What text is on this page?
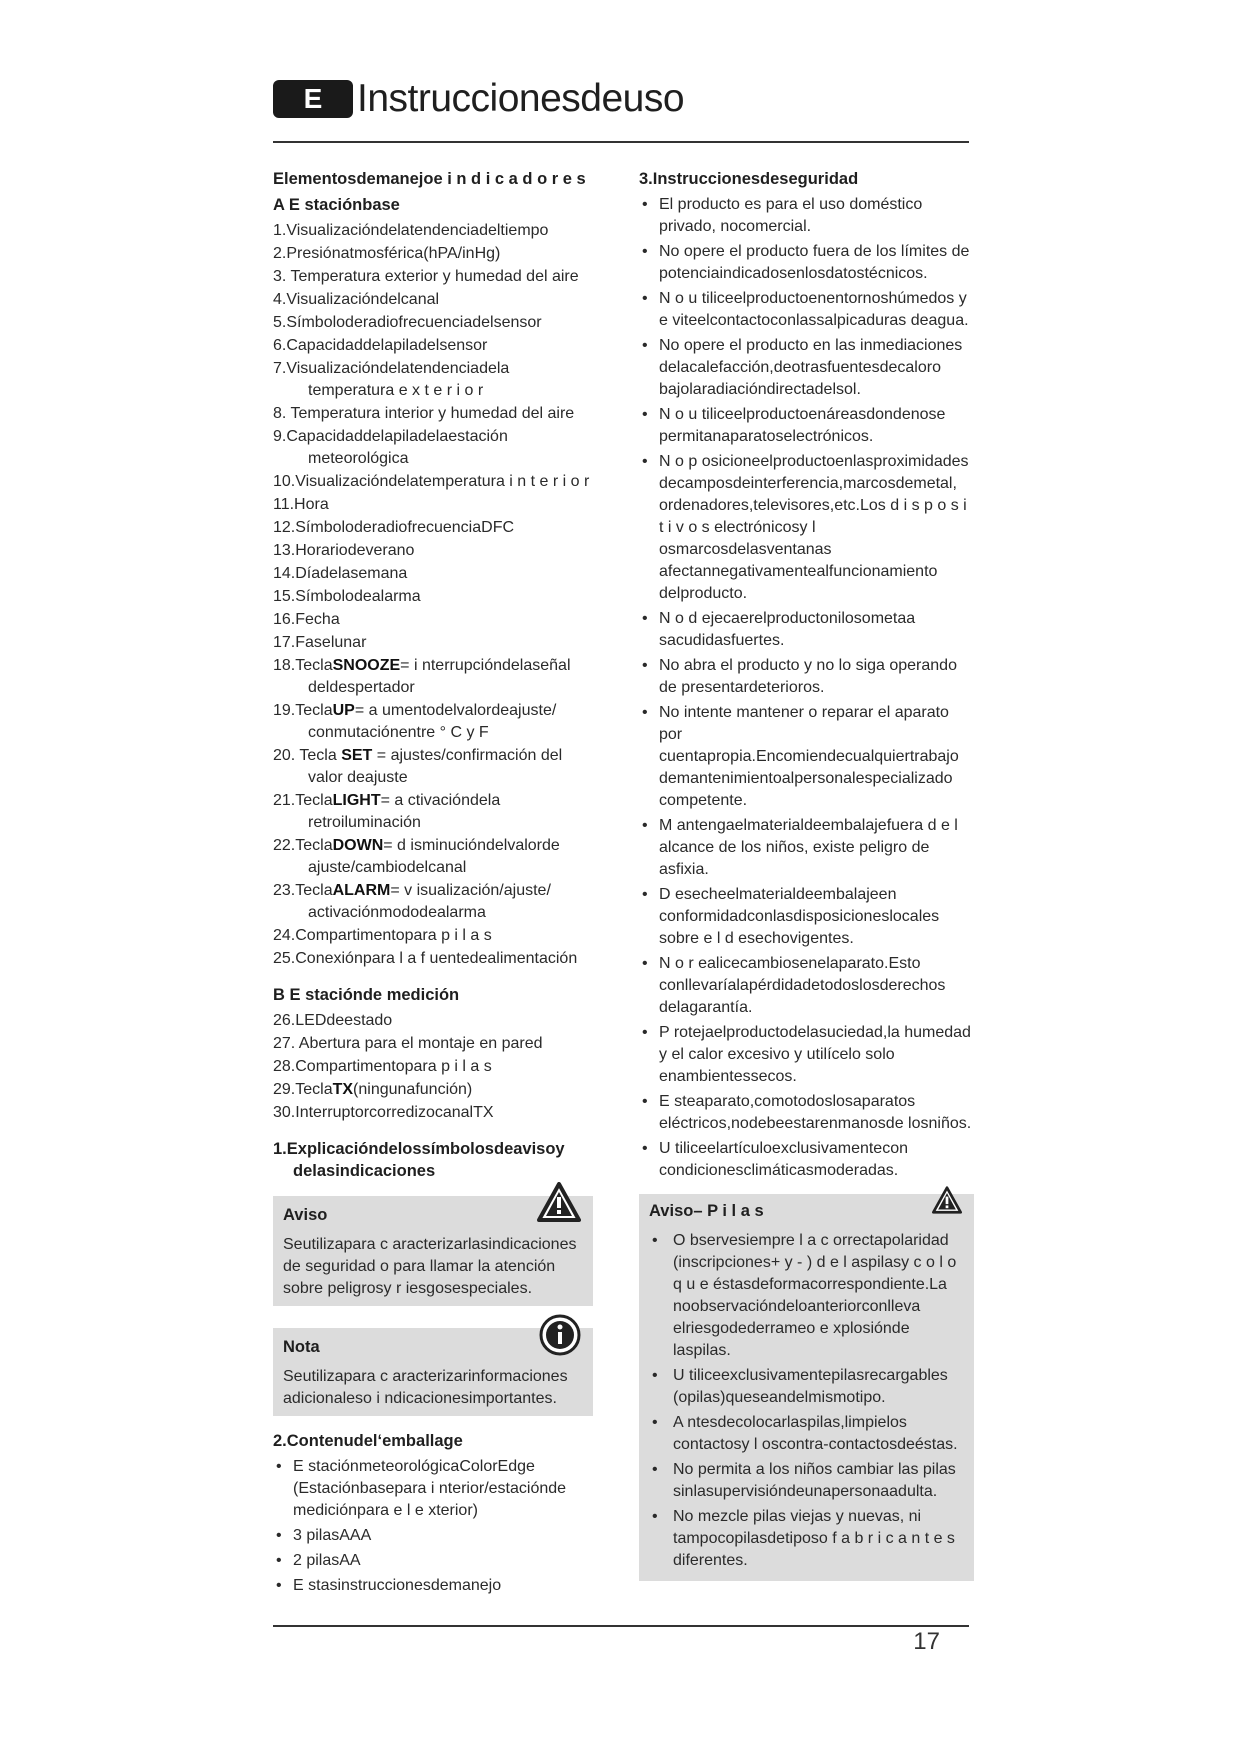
E Instruccionesdeuso
Elementosdemanejoe i n d i c a d o r e s
A E staciónbase
1.Visualizacióndelatendenciadeltiempo
2.Presiónatmosférica(hPA/inHg)
3. Temperatura exterior y humedad del aire
4.Visualizacióndelcanal
5.Símboloderadiofrecuenciadelsensor
6.Capacidaddelapiladelsensor
7.Visualizacióndelatendenciadela temperatura e x t e r i o r
8. Temperatura interior y humedad del aire
9.Capacidaddelapiladelaestación meteorológica
10.Visualizacióndelatemperatura i n t e r i o r
11.Hora
12.SímboloderadiofrecuenciaDFC
13.Horariodeverano
14.Díadelasemana
15.Símbolodealarma
16.Fecha
17.Faselunar
18.TeclaSNOOZE= i nterrupcióndelaseñal deldespertador
19.TeclaUP= a umentodelvalordeajuste/ conmutaciónentre ° C y F
20. Tecla SET = ajustes/confirmación del valor deajuste
21.TeclaLIGHT= a ctivacióndela retroiluminación
22.TeclaDOWN= d isminucióndelvalorde ajuste/cambiodelcanal
23.TeclaALARM= v isualización/ajuste/ activaciónmododealarma
24.Compartimentopara p i l a s
25.Conexiónpara l a f uentedealimentación
B E staciónde medición
26.LEDdeestado
27. Abertura para el montaje en pared
28.Compartimentopara p i l a s
29.TeclaTX(ningunafunción)
30.InterruptorcorredizocanalTX
1.Explicacióndelossímbolosdeavisoy delasindicaciones
Aviso

Seutilizapara c aracterizarlasindicaciones de seguridad o para llamar la atención sobre peligrosy r iesgosespeciales.

Nota

Seutilizapara c aracterizarinformaciones adicionaleso i ndicacionesimportantes.

2.Contenudel‘emballage
• E staciónmeteorológicaColorEdge (Estaciónbasepara i nterior/estaciónde mediciónpara e l e xterior)
• 3 pilasAAA
• 2 pilasAA
• E stasinstruccionesdemanejo
3.Instruccionesdeseguridad
• El producto es para el uso doméstico privado, nocomercial.
• No opere el producto fuera de los límites de potenciaindicadosenlosdatostécnicos.
• N o u tiliceelproductoenentornoshúmedos y e viteelcontactoconlassalpicaduras deagua.
• No opere el producto en las inmediaciones delacalefacción,deotrasfuentesdecaloro bajolaradiacióndirectadelsol.
• N o u tiliceelproductoenáreasdondenose permitanaparatoselectrónicos.
• N o p osicioneelproductoenlasproximidades decamposdeinterferencia,marcosdemetal, ordenadores,televisores,etc.Los d i s p o s i t i v o s electrónicosy l osmarcosdelasventanas afectannegativamentealfuncionamiento delproducto.
• N o d ejecaerelproductonilosometaa sacudidasfuertes.
• No abra el producto y no lo siga operando de presentardeterioros.
• No intente mantener o reparar el aparato por cuentapropia.Encomiendecualquiertrabajo demantenimientoalpersonalespecializado competente.
• M antengaelmaterialdeembalajefuera d e l alcance de los niños, existe peligro de asfixia.
• D esecheelmaterialdeembalajeen conformidadconlasdisposicioneslocales sobre e l d esechovigentes.
• N o r ealicecambiosenelaparato.Esto conllevaríalapérdidadetodoslosderechos delagarantía.
• P rotejaelproductodelasuciedad,la humedad y el calor excesivo y utilícelo solo enambientessecos.
• E steaparato,comotodoslosaparatos eléctricos,nodebeestarenmanosde losniños.
• U tiliceelartículoexclusivamentecon condicionesclimáticasmoderadas.
Aviso– P i l a s
• O bservesiempre l a c orrectapolaridad (inscripciones+ y - ) d e l aspilasy c o l o q u e éstasdeformacorrespondiente.La noobservacióndeloanteriorconlleva elriesgodederrameo e xplosiónde laspilas.
• U tiliceexclusivamentepilasrecargables (opilas)queseandelmismotipo.
• A ntesdecolocarlaspilas,limpielos contactosy l oscontra-contactosdeéstas.
• No permita a los niños cambiar las pilas sinlasupervisióndeunapersonaadulta.
• No mezcle pilas viejas y nuevas, ni tampocopilasdetiposo f a b r i c a n t e s diferentes.
17
